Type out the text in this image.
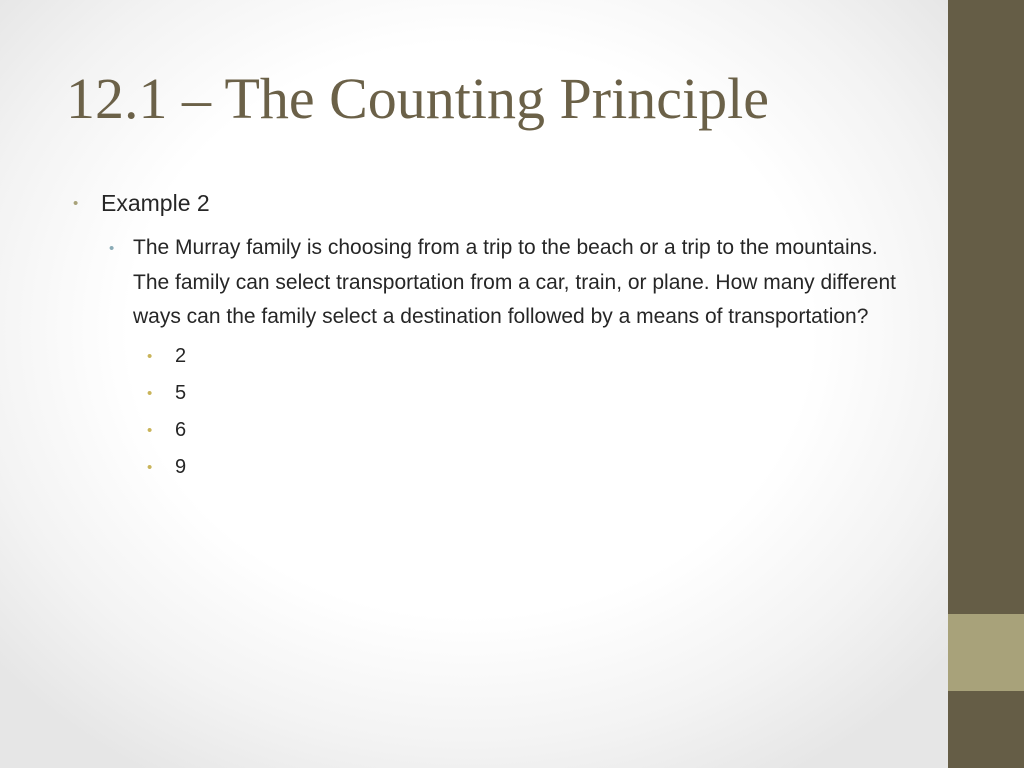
12.1 – The Counting Principle
• Example 2
• The Murray family is choosing from a trip to the beach or a trip to the mountains. The family can select transportation from a car, train, or plane. How many different ways can the family select a destination followed by a means of transportation?
• 2
• 5
• 6
• 9
